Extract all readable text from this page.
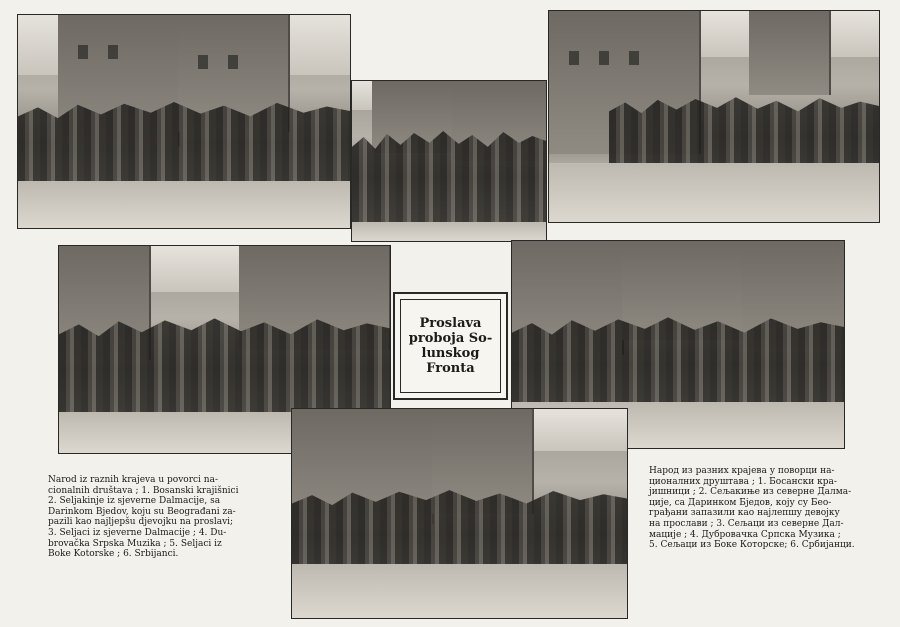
Proslava
proboja So-
lunskog
Fronta

Narod iz raznih krajeva u povorci na-
cionalnih društava ; 1. Bosanski krajišnici
2. Seljakinje iz sjeverne Dalmacije, sa
Darinkom Bjedov, koju su Beograđani za-
pazili kao najljepšu djevojku na proslavi;
3. Seljaci iz sjeverne Dalmacije ; 4. Du-
brovačka Srpska Muzika ; 5. Seljaci iz
Boke Kotorske ; 6. Srbijanci.
Народ из разних крајева у поворци на-
ционалних друштава ; 1. Босански кра-
јишници ; 2. Сељакиње из северне Далма-
ције, са Даринком Бједов, коју су Бео-
грађани запазили као најлепшу девојку
на прослави ; 3. Сељаци из северне Дал-
мације ; 4. Дубровачка Српска Музика ;
5. Сељаци из Боке Которске; 6. Србијанци.
